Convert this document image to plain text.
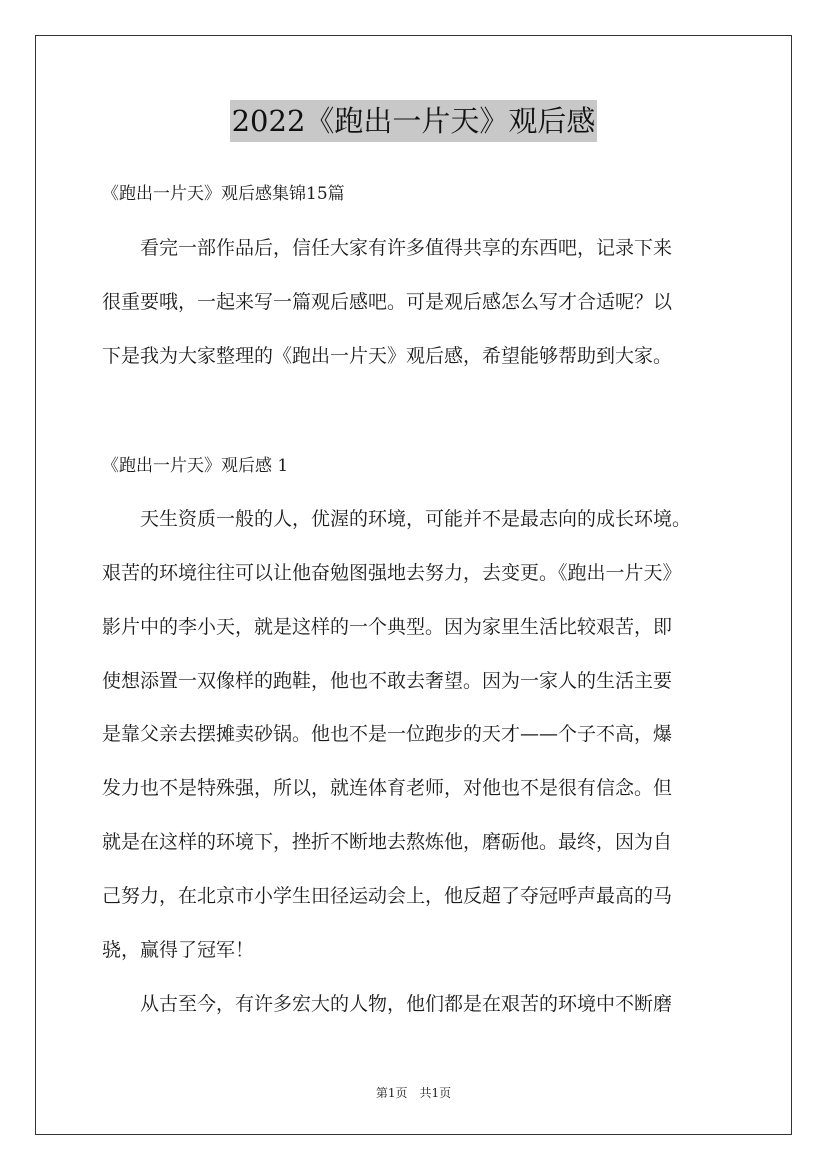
2022《跑出一片天》观后感
《跑出一片天》观后感集锦15篇
　　看完一部作品后，信任大家有许多值得共享的东西吧，记录下来
很重要哦，一起来写一篇观后感吧。可是观后感怎么写才合适呢？以
下是我为大家整理的《跑出一片天》观后感，希望能够帮助到大家。
《跑出一片天》观后感 1
　　天生资质一般的人，优渥的环境，可能并不是最志向的成长环境。
艰苦的环境往往可以让他奋勉图强地去努力，去变更。《跑出一片天》
影片中的李小天，就是这样的一个典型。因为家里生活比较艰苦，即
使想添置一双像样的跑鞋，他也不敢去奢望。因为一家人的生活主要
是靠父亲去摆摊卖砂锅。他也不是一位跑步的天才——个子不高，爆
发力也不是特殊强，所以，就连体育老师，对他也不是很有信念。但
就是在这样的环境下，挫折不断地去熬炼他，磨砺他。最终，因为自
己努力，在北京市小学生田径运动会上，他反超了夺冠呼声最高的马
骁，赢得了冠军！
　　从古至今，有许多宏大的人物，他们都是在艰苦的环境中不断磨
第1页　共1页
